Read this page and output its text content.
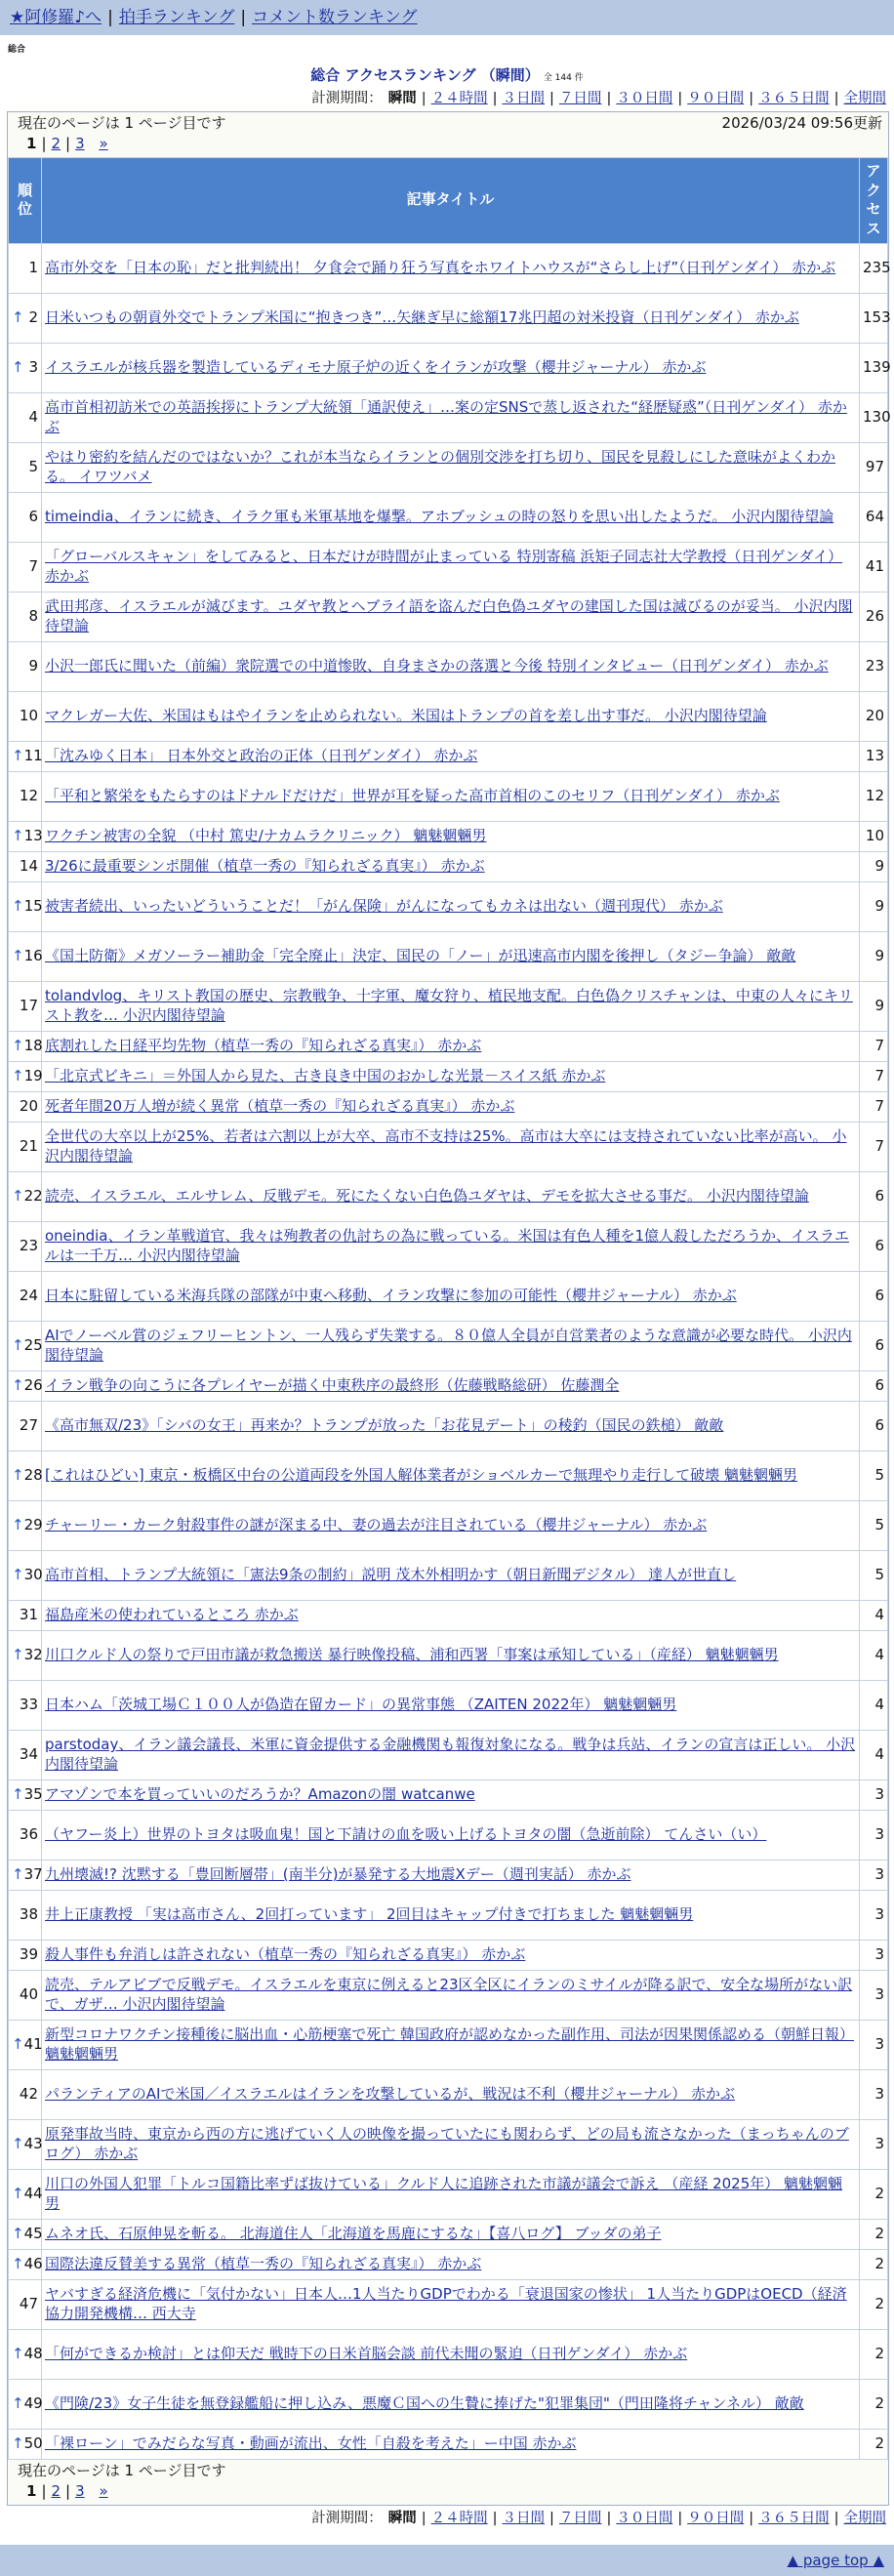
★阿修羅♪へ | 拍手ランキング | コメント数ランキング
総合
総合 アクセスランキング （瞬間） 全 144 件
計測期間： 瞬間 | ２４時間 | ３日間 | ７日間 | ３０日間 | ９０日間 | ３６５日間 | 全期間
現在のページは 1 ページ目です	2026/03/24 09:56更新
1 | 2 | 3 »
順位	記事タイトル	アクセス
1	高市外交を「日本の恥」だと批判続出！ 夕食会で踊り狂う写真をホワイトハウスが“さらし上げ”（日刊ゲンダイ） 赤かぶ	235

↑ 2	日米いつもの朝貢外交でトランプ米国に“抱きつき”…矢継ぎ早に総額17兆円超の対米投資（日刊ゲンダイ） 赤かぶ	153

↑ 3	イスラエルが核兵器を製造しているディモナ原子炉の近くをイランが攻撃（櫻井ジャーナル） 赤かぶ	139
4	高市首相初訪米での英語挨拶にトランプ大統領「通訳使え」…案の定SNSで蒸し返された“経歴疑惑”（日刊ゲンダイ） 赤かぶ	130
5	やはり密約を結んだのではないか？これが本当ならイランとの個別交渉を打ち切り、国民を見殺しにした意味がよくわかる。 イワツバメ	97
6	timeindia、イランに続き、イラク軍も米軍基地を爆撃。アホブッシュの時の怒りを思い出したようだ。 小沢内閣待望論	64
7	「グローバルスキャン」をしてみると、日本だけが時間が止まっている 特別寄稿 浜矩子同志社大学教授（日刊ゲンダイ） 赤かぶ	41
8	武田邦彦、イスラエルが滅びます。ユダヤ教とヘブライ語を盗んだ白色偽ユダヤの建国した国は滅びるのが妥当。 小沢内閣待望論	26
9	小沢一郎氏に聞いた（前編）衆院選での中道惨敗、自身まさかの落選と今後 特別インタビュー（日刊ゲンダイ） 赤かぶ	23
10	マクレガー大佐、米国はもはやイランを止められない。米国はトランプの首を差し出す事だ。 小沢内閣待望論	20

↑ 11	「沈みゆく日本」 日本外交と政治の正体（日刊ゲンダイ） 赤かぶ	13
12	「平和と繁栄をもたらすのはドナルドだけだ」世界が耳を疑った高市首相のこのセリフ（日刊ゲンダイ） 赤かぶ	12

↑ 13	ワクチン被害の全貌 （中村 篤史/ナカムラクリニック） 魑魅魍魎男	10
14	3/26に最重要シンポ開催（植草一秀の『知られざる真実』） 赤かぶ	9

↑ 15	被害者続出、いったいどういうことだ！「がん保険」がんになってもカネは出ない（週刊現代） 赤かぶ	9

↑ 16	《国土防衛》メガソーラー補助金「完全廃止」決定、国民の「ノー」が迅速高市内閣を後押し（タジー争論） 敵敵	9
17	tolandvlog、キリスト教国の歴史、宗教戦争、十字軍、魔女狩り、植民地支配。白色偽クリスチャンは、中東の人々にキリスト教を… 小沢内閣待望論	9

↑ 18	底割れした日経平均先物（植草一秀の『知られざる真実』） 赤かぶ	7

↑ 19	「北京式ビキニ」＝外国人から見た、古き良き中国のおかしな光景－スイス紙 赤かぶ	7
20	死者年間20万人増が続く異常（植草一秀の『知られざる真実』） 赤かぶ	7
21	全世代の大卒以上が25%、若者は六割以上が大卒、高市不支持は25%。高市は大卒には支持されていない比率が高い。 小沢内閣待望論	7

↑ 22	読売、イスラエル、エルサレム、反戦デモ。死にたくない白色偽ユダヤは、デモを拡大させる事だ。 小沢内閣待望論	6
23	oneindia、イラン革戦道官、我々は殉教者の仇討ちの為に戦っている。米国は有色人種を1億人殺しただろうか、イスラエルは一千万… 小沢内閣待望論	6
24	日本に駐留している米海兵隊の部隊が中東へ移動、イラン攻撃に参加の可能性（櫻井ジャーナル） 赤かぶ	6

↑ 25	AIでノーベル賞のジェフリーヒントン、一人残らず失業する。８０億人全員が自営業者のような意識が必要な時代。 小沢内閣待望論	6

↑ 26	イラン戦争の向こうに各プレイヤーが描く中東秩序の最終形（佐藤戦略総研） 佐藤潤全	6
27	《高市無双/23》「シバの女王」再来か？トランプが放った「お花見デート」の稜釣（国民の鉄槌） 敵敵	6

↑ 28	[これはひどい] 東京・板橋区中台の公道両段を外国人解体業者がショベルカーで無理やり走行して破壊 魑魅魍魎男	5

↑ 29	チャーリー・カーク射殺事件の謎が深まる中、妻の過去が注目されている（櫻井ジャーナル） 赤かぶ	5

↑ 30	高市首相、トランプ大統領に「憲法9条の制約」説明 茂木外相明かす（朝日新聞デジタル） 達人が世直し	5
31	福島産米の使われているところ 赤かぶ	4

↑ 32	川口クルド人の祭りで戸田市議が救急搬送 暴行映像投稿、浦和西署「事案は承知している」（産経） 魑魅魍魎男	4
33	日本ハム「茨城工場Ｃ１００人が偽造在留カード」の異常事態 （ZAITEN 2022年） 魑魅魍魎男	4
34	parstoday、イラン議会議長、米軍に資金提供する金融機関も報復対象になる。戦争は兵站、イランの宣言は正しい。 小沢内閣待望論	4

↑ 35	アマゾンで本を買っていいのだろうか？Amazonの闇 watcanwe	3
36	（ヤフー炎上）世界のトヨタは吸血鬼！国と下請けの血を吸い上げるトヨタの闇（急逝前除） てんさい（い）	3

↑ 37	九州壊滅!? 沈黙する「豊回断層帯」(南半分)が暴発する大地震Xデー（週刊実話） 赤かぶ	3
38	井上正康教授 「実は高市さん、2回打っています」 2回目はキャップ付きで打ちました 魑魅魍魎男	3
39	殺人事件も弁消しは許されない（植草一秀の『知られざる真実』） 赤かぶ	3
40	読売、テルアビブで反戦デモ。イスラエルを東京に例えると23区全区にイランのミサイルが降る訳で、安全な場所がない訳で、ガザ… 小沢内閣待望論	3

↑ 41	新型コロナワクチン接種後に脳出血・心筋梗塞で死亡 韓国政府が認めなかった副作用、司法が因果関係認める（朝鮮日報） 魑魅魍魎男	3
42	パランティアのAIで米国／イスラエルはイランを攻撃しているが、戦況は不利（櫻井ジャーナル） 赤かぶ	3

↑ 43	原発事故当時、東京から西の方に逃げていく人の映像を撮っていたにも関わらず、どの局も流さなかった（まっちゃんのブログ） 赤かぶ	3

↑ 44	川口の外国人犯罪「トルコ国籍比率ずば抜けている」クルド人に追跡された市議が議会で訴え （産経 2025年） 魑魅魍魎男	2

↑ 45	ムネオ氏、石原伸晃を斬る。 北海道住人「北海道を馬鹿にするな」【喜八ログ】 ブッダの弟子	2

↑ 46	国際法違反賛美する異常（植草一秀の『知られざる真実』） 赤かぶ	2
47	ヤバすぎる経済危機に「気付かない」日本人…1人当たりGDPでわかる「衰退国家の惨状」 1人当たりGDPはOECD（経済協力開発機構… 西大寺	2

↑ 48	「何ができるか検討」とは仰天だ 戦時下の日米首脳会談 前代未聞の緊迫（日刊ゲンダイ） 赤かぶ	2

↑ 49	《門険/23》女子生徒を無登録艦船に押し込み、悪魔Ｃ国への生贄に捧げた"犯罪集団"（門田隆将チャンネル） 敵敵	2

↑ 50	「裸ローン」でみだらな写真・動画が流出、女性「自殺を考えた」ー中国 赤かぶ	2
現在のページは 1 ページ目です
1 | 2 | 3 »
計測期間： 瞬間 | ２４時間 | ３日間 | ７日間 | ３０日間 | ９０日間 | ３６５日間 | 全期間
▲ page top ▲
